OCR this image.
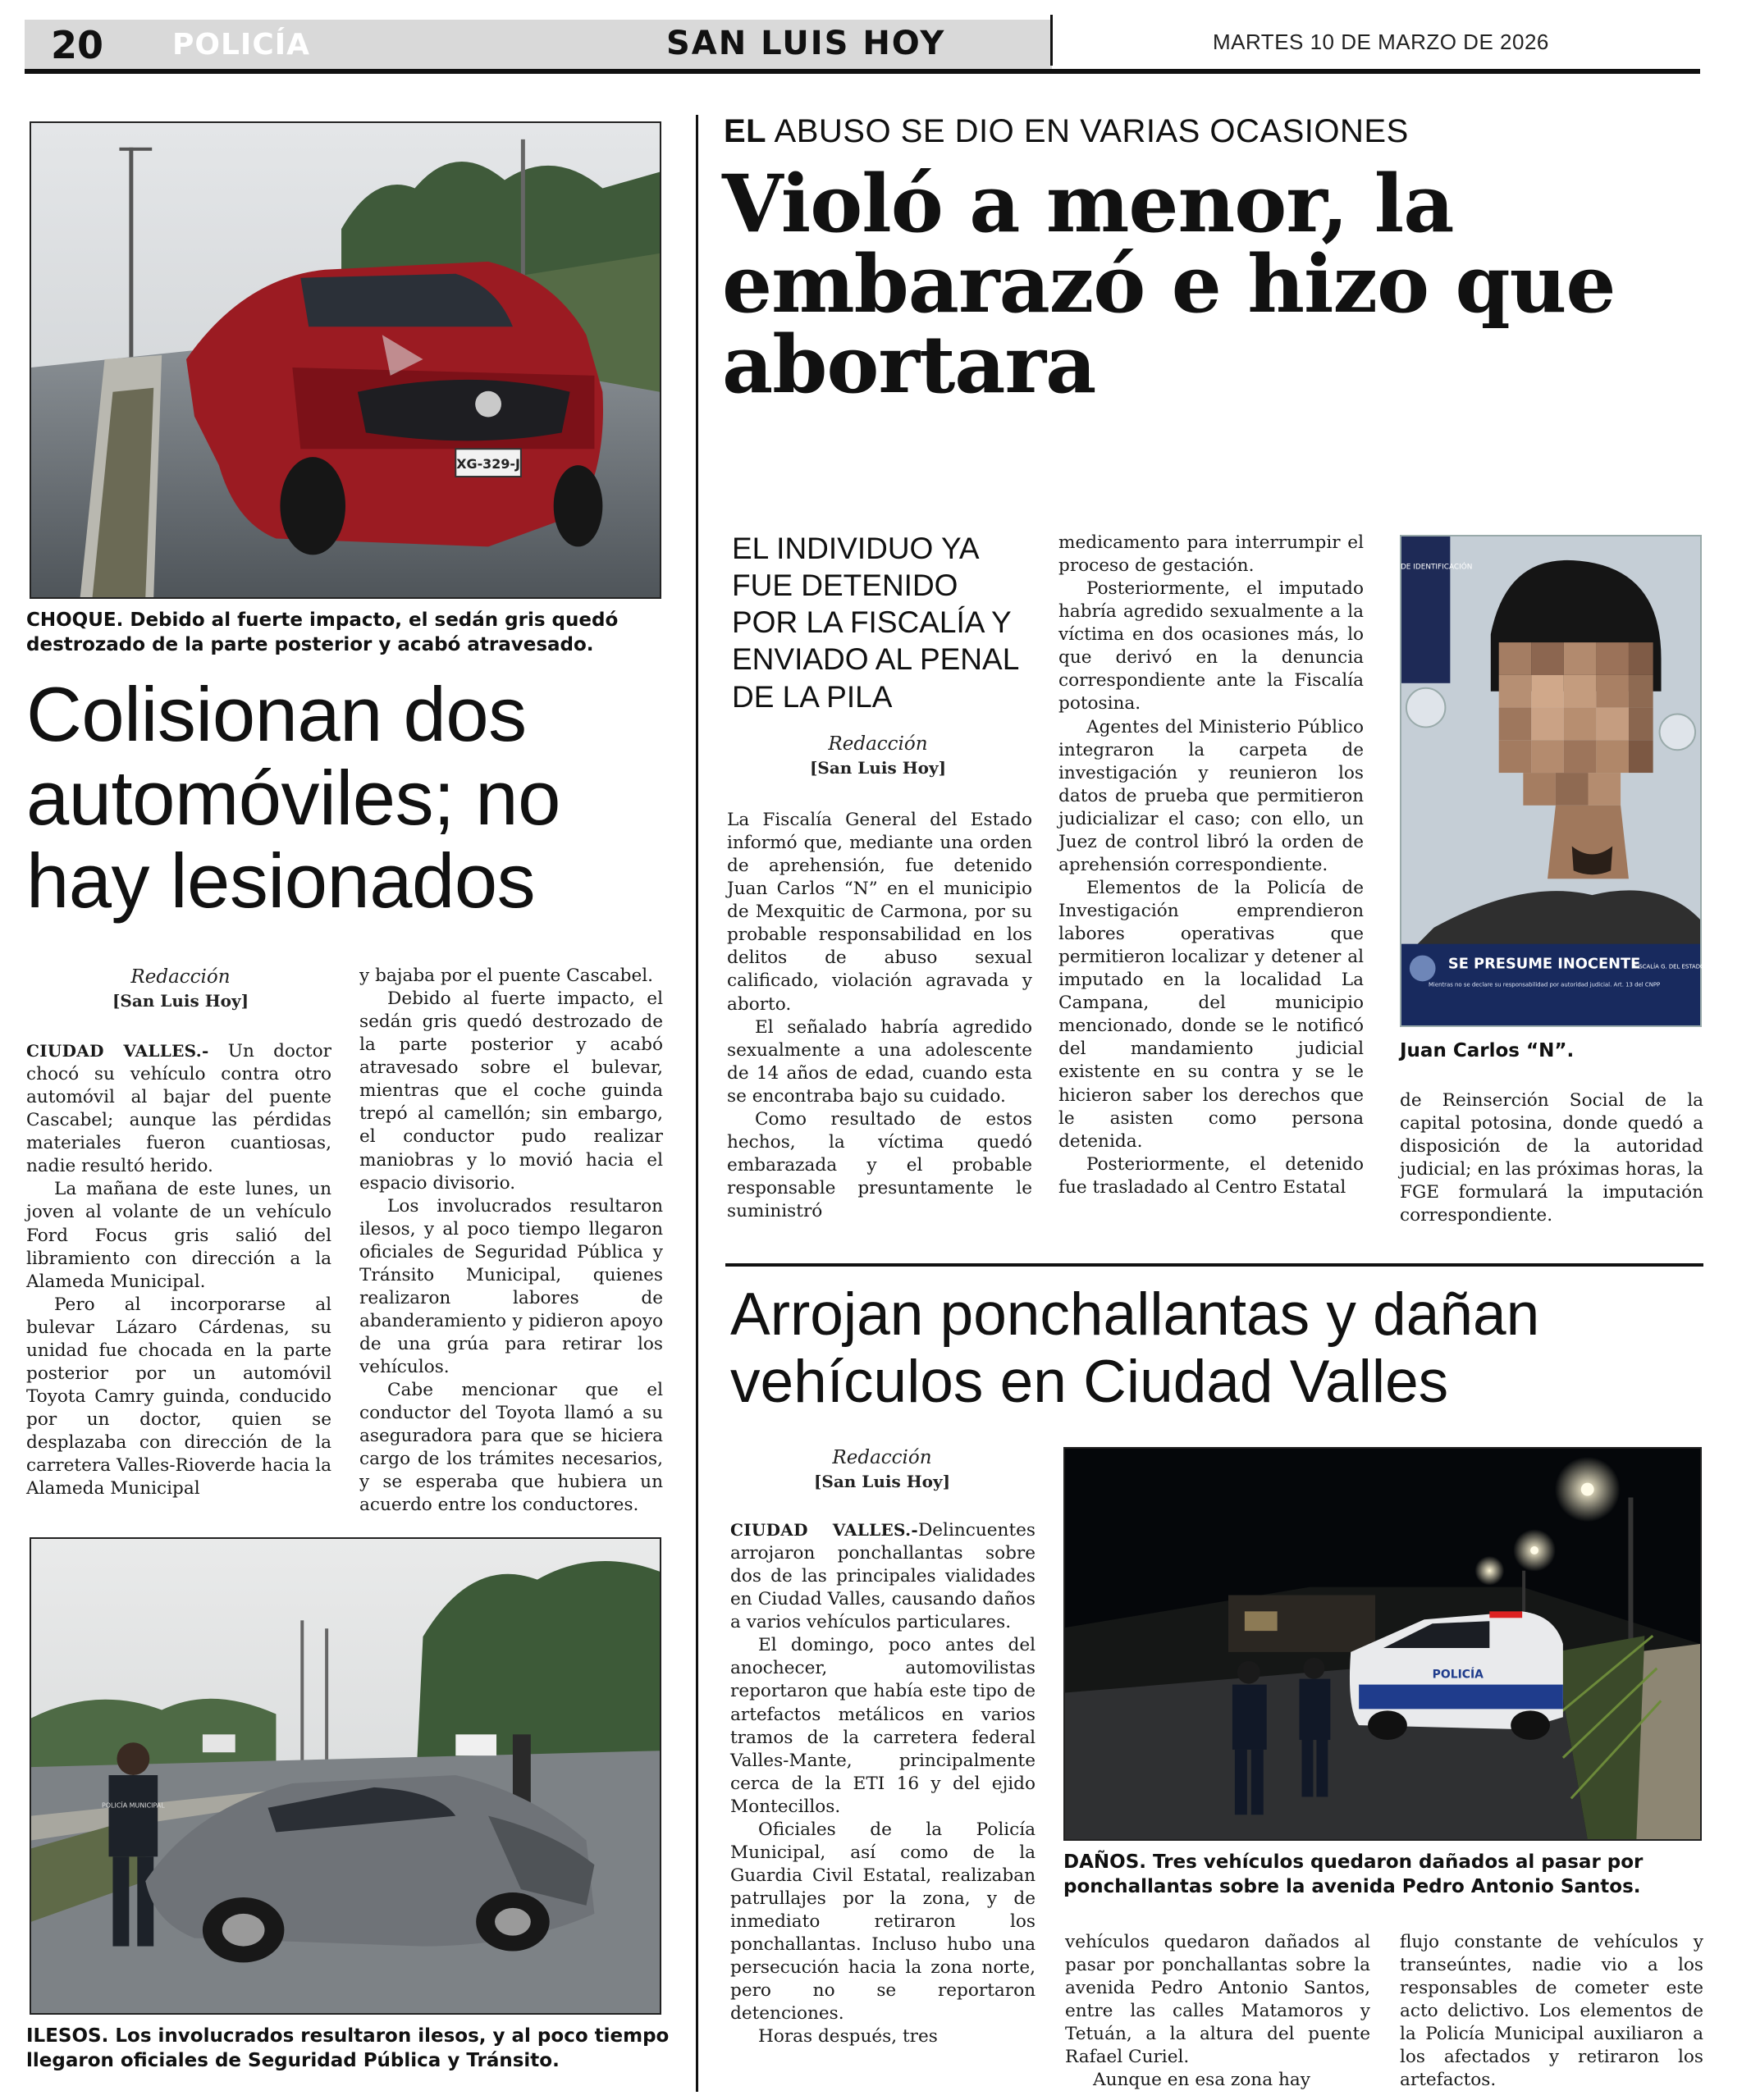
20 POLICÍA	SAN LUIS HOY	MARTES 10 DE MARZO DE 2026
XG-329-J
CHOQUE. Debido al fuerte impacto, el sedán gris quedó destrozado de la parte posterior y acabó atravesado.
Colisionan dos automóviles; no hay lesionados
Redacción
[San Luis Hoy]

CIUDAD VALLES.- Un doctor chocó su vehículo contra otro automóvil al bajar del puente Cascabel; aunque las pérdidas materiales fueron cuantiosas, nadie resultó herido.

La mañana de este lunes, un joven al volante de un vehículo Ford Focus gris salió del libramiento con dirección a la Alameda Municipal.

Pero al incorporarse al bulevar Lázaro Cárdenas, su unidad fue chocada en la parte posterior por un automóvil Toyota Camry guinda, conducido por un doctor, quien se desplazaba con dirección de la carretera Valles-Rioverde hacia la Alameda Municipal

y bajaba por el puente Cascabel.

Debido al fuerte impacto, el sedán gris quedó destrozado de la parte posterior y acabó atravesado sobre el bulevar, mientras que el coche guinda trepó al camellón; sin embargo, el conductor pudo realizar maniobras y lo movió hacia el espacio divisorio.

Los involucrados resultaron ilesos, y al poco tiempo llegaron oficiales de Seguridad Pública y Tránsito Municipal, quienes realizaron labores de abanderamiento y pidieron apoyo de una grúa para retirar los vehículos.

Cabe mencionar que el conductor del Toyota llamó a su aseguradora para que se hiciera cargo de los trámites necesarios, y se esperaba que hubiera un acuerdo entre los conductores.

POLICÍA MUNICIPAL
ILESOS. Los involucrados resultaron ilesos, y al poco tiempo llegaron oficiales de Seguridad Pública y Tránsito.
EL ABUSO SE DIO EN VARIAS OCASIONES
Violó a menor, la embarazó e hizo que abortara
EL INDIVIDUO YA FUE DETENIDO POR LA FISCALÍA Y ENVIADO AL PENAL DE LA PILA
Redacción
[San Luis Hoy]

La Fiscalía General del Estado informó que, mediante una orden de aprehensión, fue detenido Juan Carlos “N” en el municipio de Mexquitic de Carmona, por su probable responsabilidad en los delitos de abuso sexual calificado, violación agravada y aborto.

El señalado habría agredido sexualmente a una adolescente de 14 años de edad, cuando esta se encontraba bajo su cuidado.

Como resultado de estos hechos, la víctima quedó embarazada y el probable responsable presuntamente le suministró

medicamento para interrumpir el proceso de gestación.

Posteriormente, el imputado habría agredido sexualmente a la víctima en dos ocasiones más, lo que derivó en la denuncia correspondiente ante la Fiscalía potosina.

Agentes del Ministerio Público integraron la carpeta de investigación y reunieron los datos de prueba que permitieron judicializar el caso; con ello, un Juez de control libró la orden de aprehensión correspondiente.

Elementos de la Policía de Investigación emprendieron labores operativas que permitieron localizar y detener al imputado en la localidad La Campana, del municipio mencionado, donde se le notificó del mandamiento judicial existente en su contra y se le hicieron saber los derechos que le asisten como persona detenida.

Posteriormente, el detenido fue trasladado al Centro Estatal

SALA DE IDENTIFICACIÓN
SE PRESUME INOCENTE
Mientras no se declare su responsabilidad por autoridad judicial. Art. 13 del CNPP
FISCALÍA G. DEL ESTADO
Juan Carlos “N”.

de Reinserción Social de la capital potosina, donde quedó a disposición de la autoridad judicial; en las próximas horas, la FGE formulará la imputación correspondiente.

Arrojan ponchallantas y dañan vehículos en Ciudad Valles
Redacción
[San Luis Hoy]

CIUDAD VALLES.-Delincuentes arrojaron ponchallantas sobre dos de las principales vialidades en Ciudad Valles, causando daños a varios vehículos particulares.

El domingo, poco antes del anochecer, automovilistas reportaron que había este tipo de artefactos metálicos en varios tramos de la carretera federal Valles-Mante, principalmente cerca de la ETI 16 y del ejido Montecillos.

Oficiales de la Policía Municipal, así como de la Guardia Civil Estatal, realizaban patrullajes por la zona, y de inmediato retiraron los ponchallantas. Incluso hubo una persecución hacia la zona norte, pero no se reportaron detenciones.

Horas después, tres

POLICÍA
DAÑOS. Tres vehículos quedaron dañados al pasar por ponchallantas sobre la avenida Pedro Antonio Santos.

vehículos quedaron dañados al pasar por ponchallantas sobre la avenida Pedro Antonio Santos, entre las calles Matamoros y Tetuán, a la altura del puente Rafael Curiel.

Aunque en esa zona hay

flujo constante de vehículos y transeúntes, nadie vio a los responsables de cometer este acto delictivo. Los elementos de la Policía Municipal auxiliaron a los afectados y retiraron los artefactos.
